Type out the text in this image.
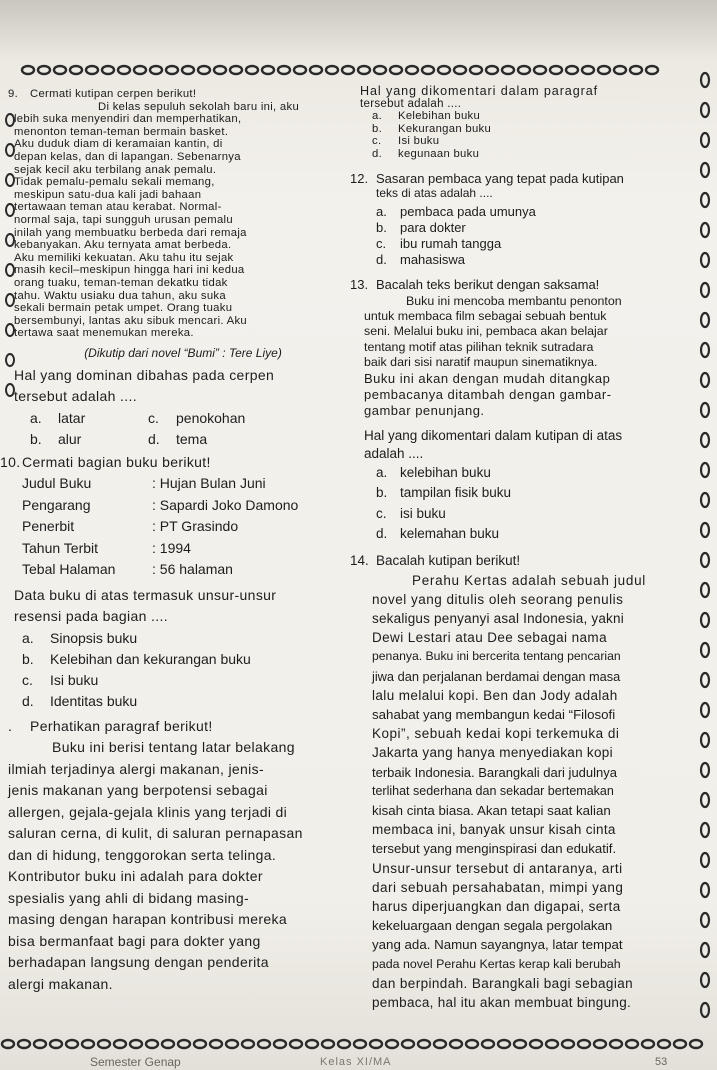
9. Cermati kutipan cerpen berikut!
Di kelas sepuluh sekolah baru ini, aku
lebih suka menyendiri dan memperhatikan,
menonton teman-teman bermain basket.
Aku duduk diam di keramaian kantin, di
depan kelas, dan di lapangan. Sebenarnya
sejak kecil aku terbilang anak pemalu.
Tidak pemalu-pemalu sekali memang,
meskipun satu-dua kali jadi bahaan
tertawaan teman atau kerabat. Normal-
normal saja, tapi sungguh urusan pemalu
inilah yang membuatku berbeda dari remaja
kebanyakan. Aku ternyata amat berbeda.
Aku memiliki kekuatan. Aku tahu itu sejak
masih kecil–meskipun hingga hari ini kedua
orang tuaku, teman-teman dekatku tidak
tahu. Waktu usiaku dua tahun, aku suka
sekali bermain petak umpet. Orang tuaku
bersembunyi, lantas aku sibuk mencari. Aku
tertawa saat menemukan mereka.
(Dikutip dari novel “Bumi” : Tere Liye)
Hal yang dominan dibahas pada cerpen
tersebut adalah ....
a.	latar	c.	penokohan
b.	alur	d.	tema
10.Cermati bagian buku berikut!
Judul Buku	: Hujan Bulan Juni
Pengarang	: Sapardi Joko Damono
Penerbit	: PT Grasindo
Tahun Terbit	: 1994
Tebal Halaman	: 56 halaman
Data buku di atas termasuk unsur-unsur
resensi pada bagian ....
a.	Sinopsis buku
b.	Kelebihan dan kekurangan buku
c.	Isi buku
d.	Identitas buku
. Perhatikan paragraf berikut!
Buku ini berisi tentang latar belakang
ilmiah terjadinya alergi makanan, jenis-
jenis makanan yang berpotensi sebagai
allergen, gejala-gejala klinis yang terjadi di
saluran cerna, di kulit, di saluran pernapasan
dan di hidung, tenggorokan serta telinga.
Kontributor buku ini adalah para dokter
spesialis yang ahli di bidang masing-
masing dengan harapan kontribusi mereka
bisa bermanfaat bagi para dokter yang
berhadapan langsung dengan penderita
alergi makanan.
Hal yang dikomentari dalam paragraf
tersebut adalah ....
a. Kelebihan buku
b. Kekurangan buku
c. Isi buku
d. kegunaan buku
12. Sasaran pembaca yang tepat pada kutipan
teks di atas adalah ....
a. pembaca pada umunya
b. para dokter
c. ibu rumah tangga
d. mahasiswa
13. Bacalah teks berikut dengan saksama!
Buku ini mencoba membantu penonton
untuk membaca film sebagai sebuah bentuk
seni. Melalui buku ini, pembaca akan belajar
tentang motif atas pilihan teknik sutradara
baik dari sisi naratif maupun sinematiknya.
Buku ini akan dengan mudah ditangkap
pembacanya ditambah dengan gambar-
gambar penunjang.
Hal yang dikomentari dalam kutipan di atas
adalah ....
a. kelebihan buku
b. tampilan fisik buku
c. isi buku
d. kelemahan buku
14. Bacalah kutipan berikut!
Perahu Kertas adalah sebuah judul
novel yang ditulis oleh seorang penulis
sekaligus penyanyi asal Indonesia, yakni
Dewi Lestari atau Dee sebagai nama
penanya. Buku ini bercerita tentang pencarian
jiwa dan perjalanan berdamai dengan masa
lalu melalui kopi. Ben dan Jody adalah
sahabat yang membangun kedai “Filosofi
Kopi”, sebuah kedai kopi terkemuka di
Jakarta yang hanya menyediakan kopi
terbaik Indonesia. Barangkali dari judulnya
terlihat sederhana dan sekadar bertemakan
kisah cinta biasa. Akan tetapi saat kalian
membaca ini, banyak unsur kisah cinta
tersebut yang menginspirasi dan edukatif.
Unsur-unsur tersebut di antaranya, arti
dari sebuah persahabatan, mimpi yang
harus diperjuangkan dan digapai, serta
kekeluargaan dengan segala pergolakan
yang ada. Namun sayangnya, latar tempat
pada novel Perahu Kertas kerap kali berubah
dan berpindah. Barangkali bagi sebagian
pembaca, hal itu akan membuat bingung.
Semester Genap	Kelas XI/MA	53
